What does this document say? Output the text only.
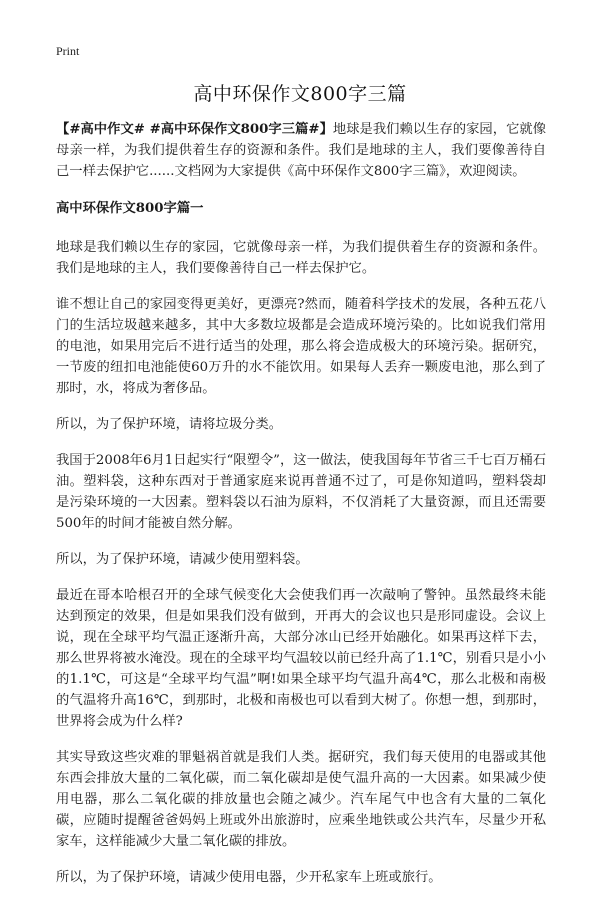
Print
高中环保作文800字三篇

【#高中作文# #高中环保作文800字三篇#】地球是我们赖以生存的家园，它就像母亲一样，为我们提供着生存的资源和条件。我们是地球的主人，我们要像善待自己一样去保护它......文档网为大家提供《高中环保作文800字三篇》，欢迎阅读。

高中环保作文800字篇一

地球是我们赖以生存的家园，它就像母亲一样，为我们提供着生存的资源和条件。我们是地球的主人，我们要像善待自己一样去保护它。

谁不想让自己的家园变得更美好，更漂亮?然而，随着科学技术的发展，各种五花八门的生活垃圾越来越多，其中大多数垃圾都是会造成环境污染的。比如说我们常用的电池，如果用完后不进行适当的处理，那么将会造成极大的环境污染。据研究，一节废的纽扣电池能使60万升的水不能饮用。如果每人丢弃一颗废电池，那么到了那时，水，将成为奢侈品。

所以，为了保护环境，请将垃圾分类。

我国于2008年6月1日起实行“限塑令”，这一做法，使我国每年节省三千七百万桶石油。塑料袋，这种东西对于普通家庭来说再普通不过了，可是你知道吗，塑料袋却是污染环境的一大因素。塑料袋以石油为原料，不仅消耗了大量资源，而且还需要500年的时间才能被自然分解。

所以，为了保护环境，请减少使用塑料袋。

最近在哥本哈根召开的全球气候变化大会使我们再一次敲响了警钟。虽然最终未能达到预定的效果，但是如果我们没有做到，开再大的会议也只是形同虚设。会议上说，现在全球平均气温正逐渐升高，大部分冰山已经开始融化。如果再这样下去，那么世界将被水淹没。现在的全球平均气温较以前已经升高了1.1℃，别看只是小小的1.1℃，可这是“全球平均气温”啊!如果全球平均气温升高4℃，那么北极和南极的气温将升高16℃，到那时，北极和南极也可以看到大树了。你想一想，到那时，世界将会成为什么样?

其实导致这些灾难的罪魁祸首就是我们人类。据研究，我们每天使用的电器或其他东西会排放大量的二氧化碳，而二氧化碳却是使气温升高的一大因素。如果减少使用电器，那么二氧化碳的排放量也会随之减少。汽车尾气中也含有大量的二氧化碳，应随时提醒爸爸妈妈上班或外出旅游时，应乘坐地铁或公共汽车，尽量少开私家车，这样能减少大量二氧化碳的排放。

所以，为了保护环境，请减少使用电器，少开私家车上班或旅行。
